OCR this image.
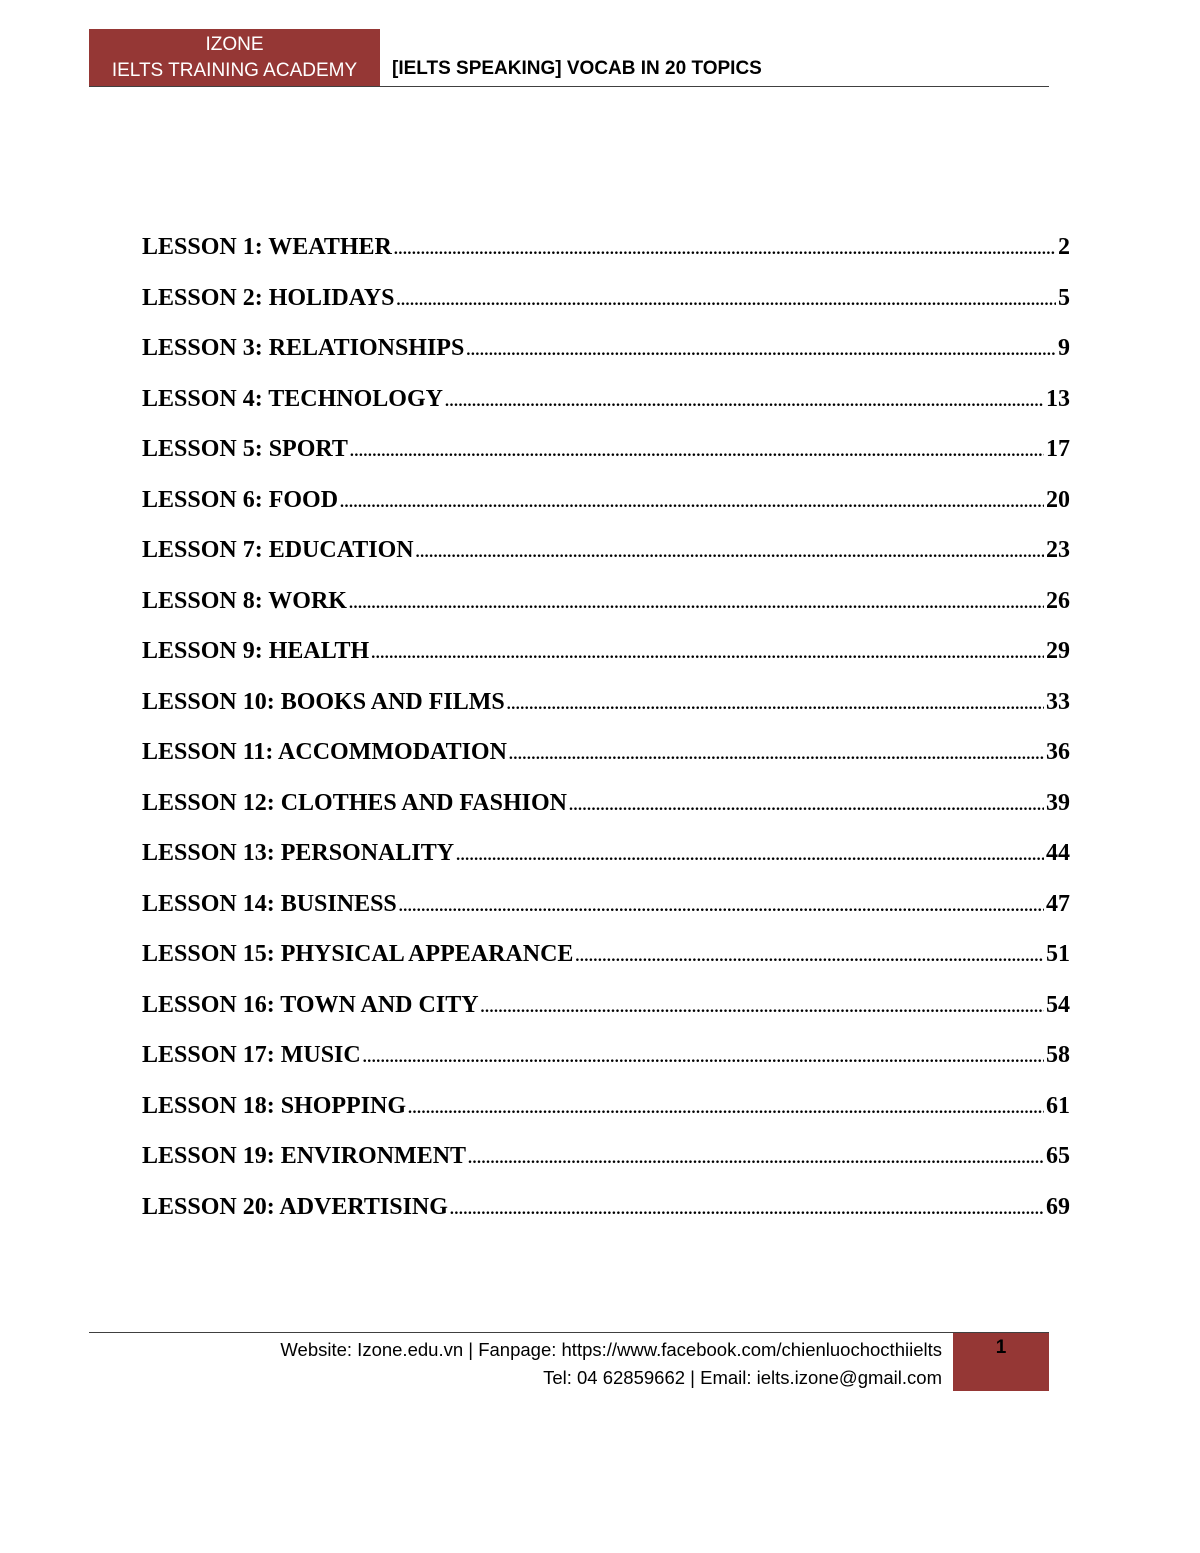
IZONE
IELTS TRAINING ACADEMY	[IELTS SPEAKING] VOCAB IN 20 TOPICS
LESSON 1: WEATHER .....	2
LESSON 2: HOLIDAYS .....	5
LESSON 3: RELATIONSHIPS .....	9
LESSON 4: TECHNOLOGY .....	13
LESSON 5: SPORT .....	17
LESSON 6: FOOD .....	20
LESSON 7: EDUCATION .....	23
LESSON 8: WORK .....	26
LESSON 9: HEALTH .....	29
LESSON 10: BOOKS AND FILMS .....	33
LESSON 11: ACCOMMODATION .....	36
LESSON 12: CLOTHES AND FASHION .....	39
LESSON 13: PERSONALITY .....	44
LESSON 14: BUSINESS .....	47
LESSON 15: PHYSICAL APPEARANCE .....	51
LESSON 16: TOWN AND CITY .....	54
LESSON 17: MUSIC .....	58
LESSON 18: SHOPPING .....	61
LESSON 19: ENVIRONMENT .....	65
LESSON 20: ADVERTISING .....	69
Website: Izone.edu.vn | Fanpage: https://www.facebook.com/chienluochocthiielts
Tel: 04 62859662 | Email: ielts.izone@gmail.com
1
